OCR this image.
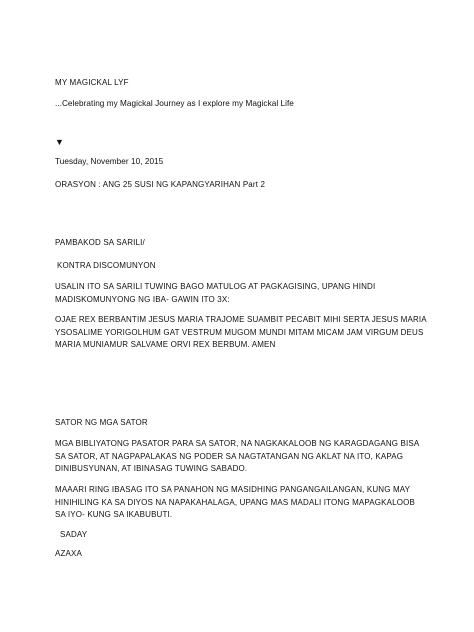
MY MAGICKAL LYF
...Celebrating my Magickal Journey as I explore my Magickal Life
▼
Tuesday, November 10, 2015
ORASYON : ANG 25 SUSI NG KAPANGYARIHAN Part 2
PAMBAKOD SA SARILI/
KONTRA DISCOMUNYON
USALIN ITO SA SARILI TUWING BAGO MATULOG AT PAGKAGISING, UPANG HINDI MADISKOMUNYONG NG IBA- GAWIN ITO 3X:
OJAE REX BERBANTIM JESUS MARIA TRAJOME SUAMBIT PECABIT MIHI SERTA JESUS MARIA YSOSALIME YORIGOLHUM GAT VESTRUM MUGOM MUNDI MITAM MICAM JAM VIRGUM DEUS MARIA MUNIAMUR SALVAME ORVI REX BERBUM. AMEN
SATOR NG MGA SATOR
MGA BIBLIYATONG PASATOR PARA SA SATOR, NA NAGKAKALOOB NG KARAGDAGANG BISA SA SATOR, AT NAGPAPALAKAS NG PODER SA NAGTATANGAN NG AKLAT NA ITO, KAPAG DINIBUSYUNAN, AT IBINASAG TUWING SABADO.
MAAARI RING IBASAG ITO SA PANAHON NG MASIDHING PANGANGAILANGAN, KUNG MAY HINIHILING KA SA DIYOS NA NAPAKAHALAGA, UPANG MAS MADALI ITONG MAPAGKALOOB SA IYO- KUNG SA IKABUBUTI.
SADAY
AZAXA
